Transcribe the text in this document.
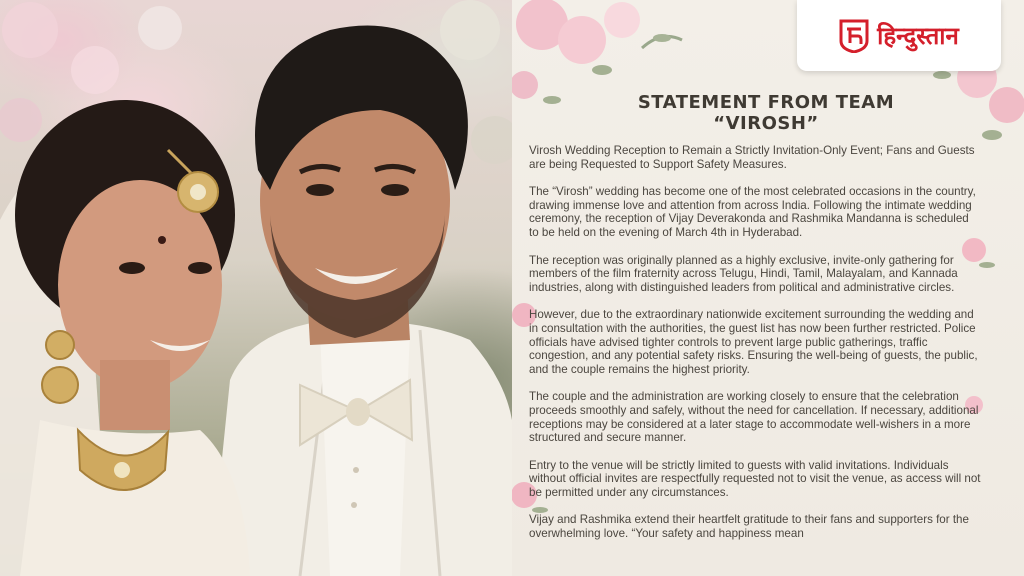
STATEMENT FROM TEAM “VIROSH”

Virosh Wedding Reception to Remain a Strictly Invitation-Only Event; Fans and Guests are being Requested to Support Safety Measures.

The “Virosh” wedding has become one of the most celebrated occasions in the country, drawing immense love and attention from across India. Following the intimate wedding ceremony, the reception of Vijay Deverakonda and Rashmika Mandanna is scheduled to be held on the evening of March 4th in Hyderabad.

The reception was originally planned as a highly exclusive, invite-only gathering for members of the film fraternity across Telugu, Hindi, Tamil, Malayalam, and Kannada industries, along with distinguished leaders from political and administrative circles.

However, due to the extraordinary nationwide excitement surrounding the wedding and in consultation with the authorities, the guest list has now been further restricted. Police officials have advised tighter controls to prevent large public gatherings, traffic congestion, and any potential safety risks. Ensuring the well-being of guests, the public, and the couple remains the highest priority.

The couple and the administration are working closely to ensure that the celebration proceeds smoothly and safely, without the need for cancellation. If necessary, additional receptions may be considered at a later stage to accommodate well-wishers in a more structured and secure manner.

Entry to the venue will be strictly limited to guests with valid invitations. Individuals without official invites are respectfully requested not to visit the venue, as access will not be permitted under any circumstances.

Vijay and Rashmika extend their heartfelt gratitude to their fans and supporters for the overwhelming love. “Your safety and happiness mean

हिन्दुस्तान
